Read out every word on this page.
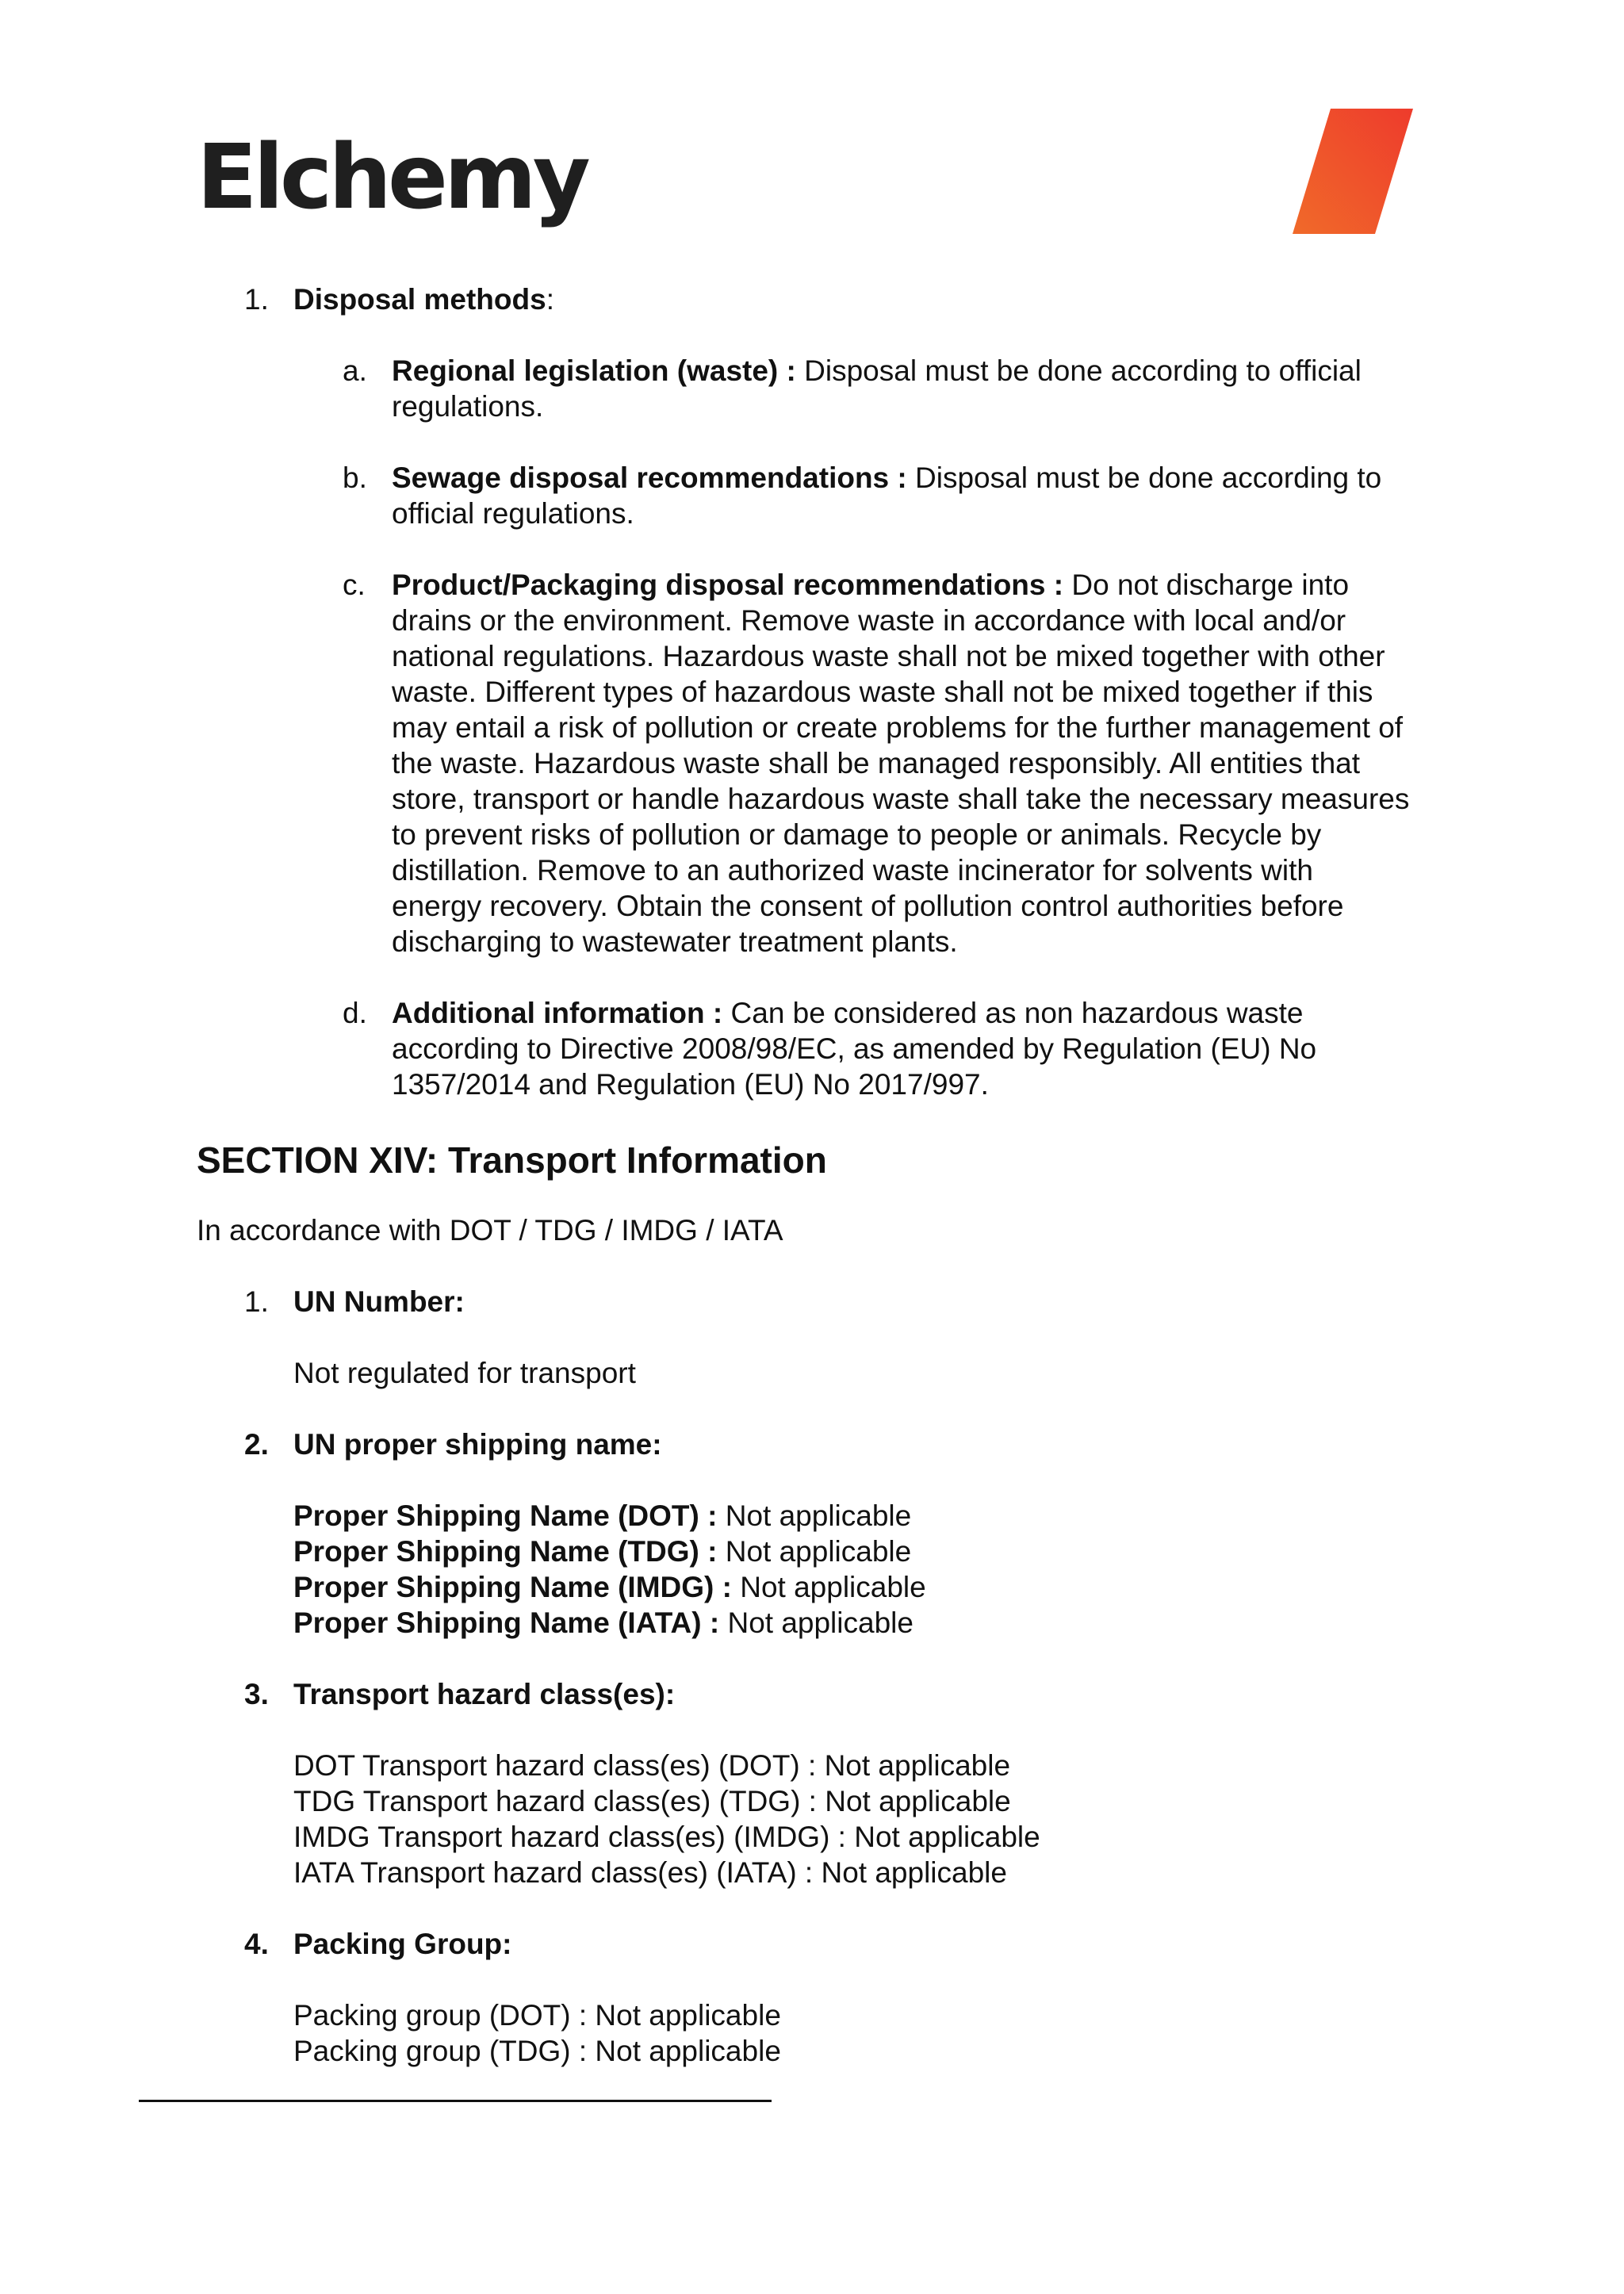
Elchemy
1. Disposal methods:
a. Regional legislation (waste) : Disposal must be done according to official regulations.
b. Sewage disposal recommendations : Disposal must be done according to official regulations.
c. Product/Packaging disposal recommendations : Do not discharge into drains or the environment. Remove waste in accordance with local and/or national regulations. Hazardous waste shall not be mixed together with other waste. Different types of hazardous waste shall not be mixed together if this may entail a risk of pollution or create problems for the further management of the waste. Hazardous waste shall be managed responsibly. All entities that store, transport or handle hazardous waste shall take the necessary measures to prevent risks of pollution or damage to people or animals. Recycle by distillation. Remove to an authorized waste incinerator for solvents with energy recovery. Obtain the consent of pollution control authorities before discharging to wastewater treatment plants.
d. Additional information : Can be considered as non hazardous waste according to Directive 2008/98/EC, as amended by Regulation (EU) No 1357/2014 and Regulation (EU) No 2017/997.
SECTION XIV: Transport Information
In accordance with DOT / TDG / IMDG / IATA
1. UN Number:
Not regulated for transport
2. UN proper shipping name:
Proper Shipping Name (DOT) : Not applicable
Proper Shipping Name (TDG) : Not applicable
Proper Shipping Name (IMDG) : Not applicable
Proper Shipping Name (IATA) : Not applicable
3. Transport hazard class(es):
DOT Transport hazard class(es) (DOT) : Not applicable
TDG Transport hazard class(es) (TDG) : Not applicable
IMDG Transport hazard class(es) (IMDG) : Not applicable
IATA Transport hazard class(es) (IATA) : Not applicable
4. Packing Group:
Packing group (DOT) : Not applicable
Packing group (TDG) : Not applicable
